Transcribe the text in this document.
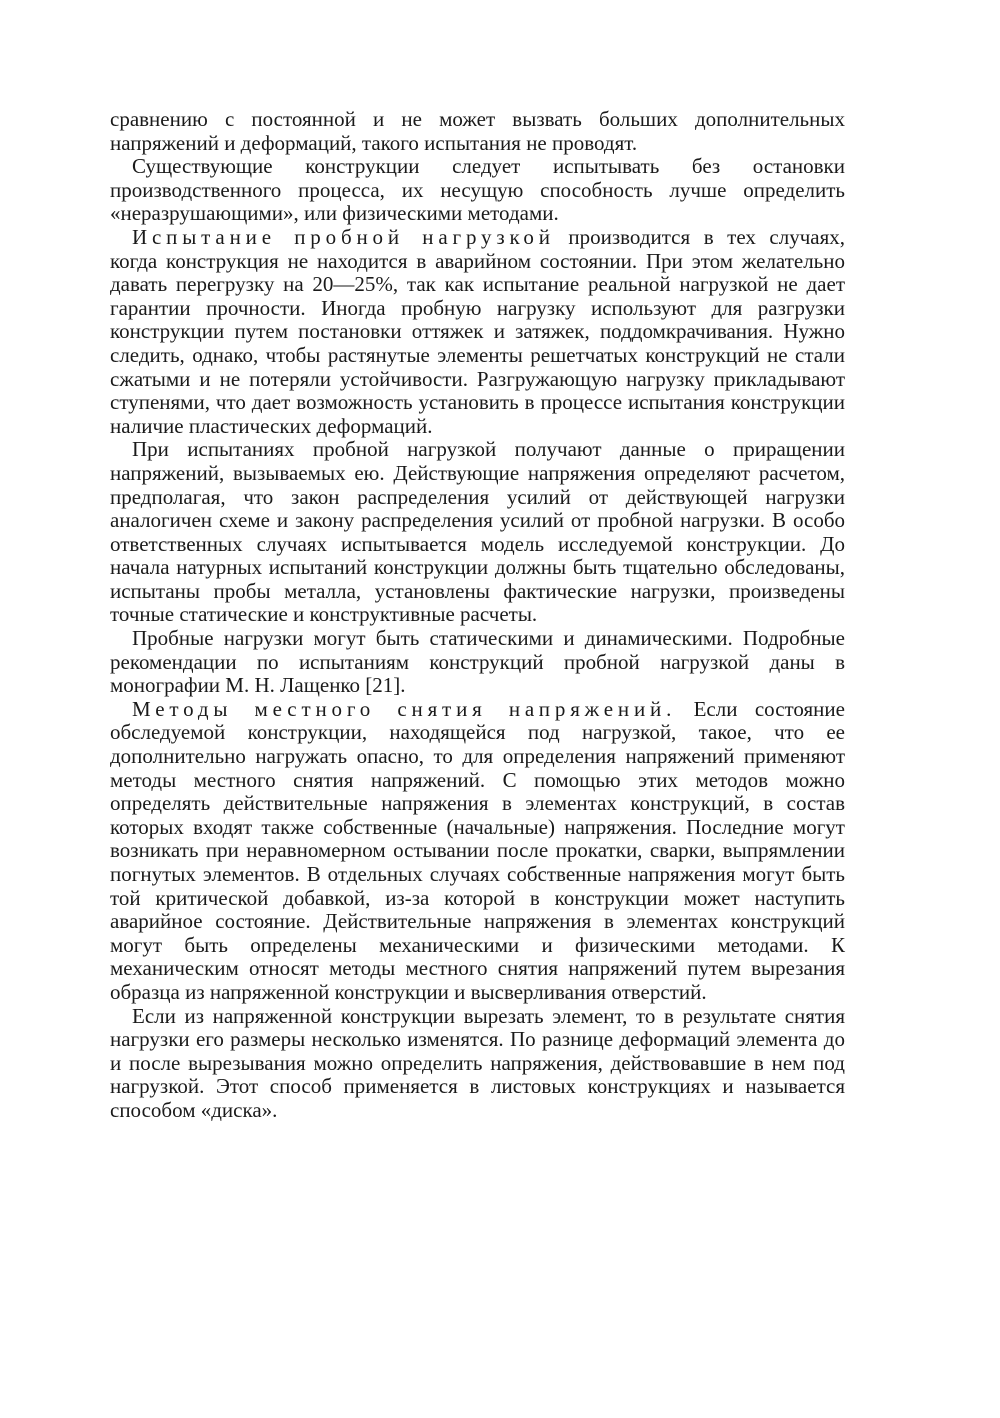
сравнению с постоянной и не может вызвать больших дополнительных напряжений и деформаций, такого испытания не проводят.

Существующие конструкции следует испытывать без остановки производственного процесса, их несущую способность лучше определить «неразрушающими», или физическими методами.

Испытание пробной нагрузкой производится в тех случаях, когда конструкция не находится в аварийном состоянии. При этом желательно давать перегрузку на 20—25%, так как испытание реальной нагрузкой не дает гарантии прочности. Иногда пробную нагрузку используют для разгрузки конструкции путем постановки оттяжек и затяжек, поддомкрачивания. Нужно следить, однако, чтобы растянутые элементы решетчатых конструкций не стали сжатыми и не потеряли устойчивости. Разгружающую нагрузку прикладывают ступенями, что дает возможность установить в процессе испытания конструкции наличие пластических деформаций.

При испытаниях пробной нагрузкой получают данные о приращении напряжений, вызываемых ею. Действующие напряжения определяют расчетом, предполагая, что закон распределения усилий от действующей нагрузки аналогичен схеме и закону распределения усилий от пробной нагрузки. В особо ответственных случаях испытывается модель исследуемой конструкции. До начала натурных испытаний конструкции должны быть тщательно обследованы, испытаны пробы металла, установлены фактические нагрузки, произведены точные статические и конструктивные расчеты.

Пробные нагрузки могут быть статическими и динамическими. Подробные рекомендации по испытаниям конструкций пробной нагрузкой даны в монографии М. Н. Лащенко [21].

Методы местного снятия напряжений. Если состояние обследуемой конструкции, находящейся под нагрузкой, такое, что ее дополнительно нагружать опасно, то для определения напряжений применяют методы местного снятия напряжений. С помощью этих методов можно определять действительные напряжения в элементах конструкций, в состав которых входят также собственные (начальные) напряжения. Последние могут возникать при неравномерном остывании после прокатки, сварки, выпрямлении погнутых элементов. В отдельных случаях собственные напряжения могут быть той критической добавкой, из-за которой в конструкции может наступить аварийное состояние. Действительные напряжения в элементах конструкций могут быть определены механическими и физическими методами. К механическим относят методы местного снятия напряжений путем вырезания образца из напряженной конструкции и высверливания отверстий.

Если из напряженной конструкции вырезать элемент, то в результате снятия нагрузки его размеры несколько изменятся. По разнице деформаций элемента до и после вырезывания можно определить напряжения, действовавшие в нем под нагрузкой. Этот способ применяется в листовых конструкциях и называется способом «диска».
